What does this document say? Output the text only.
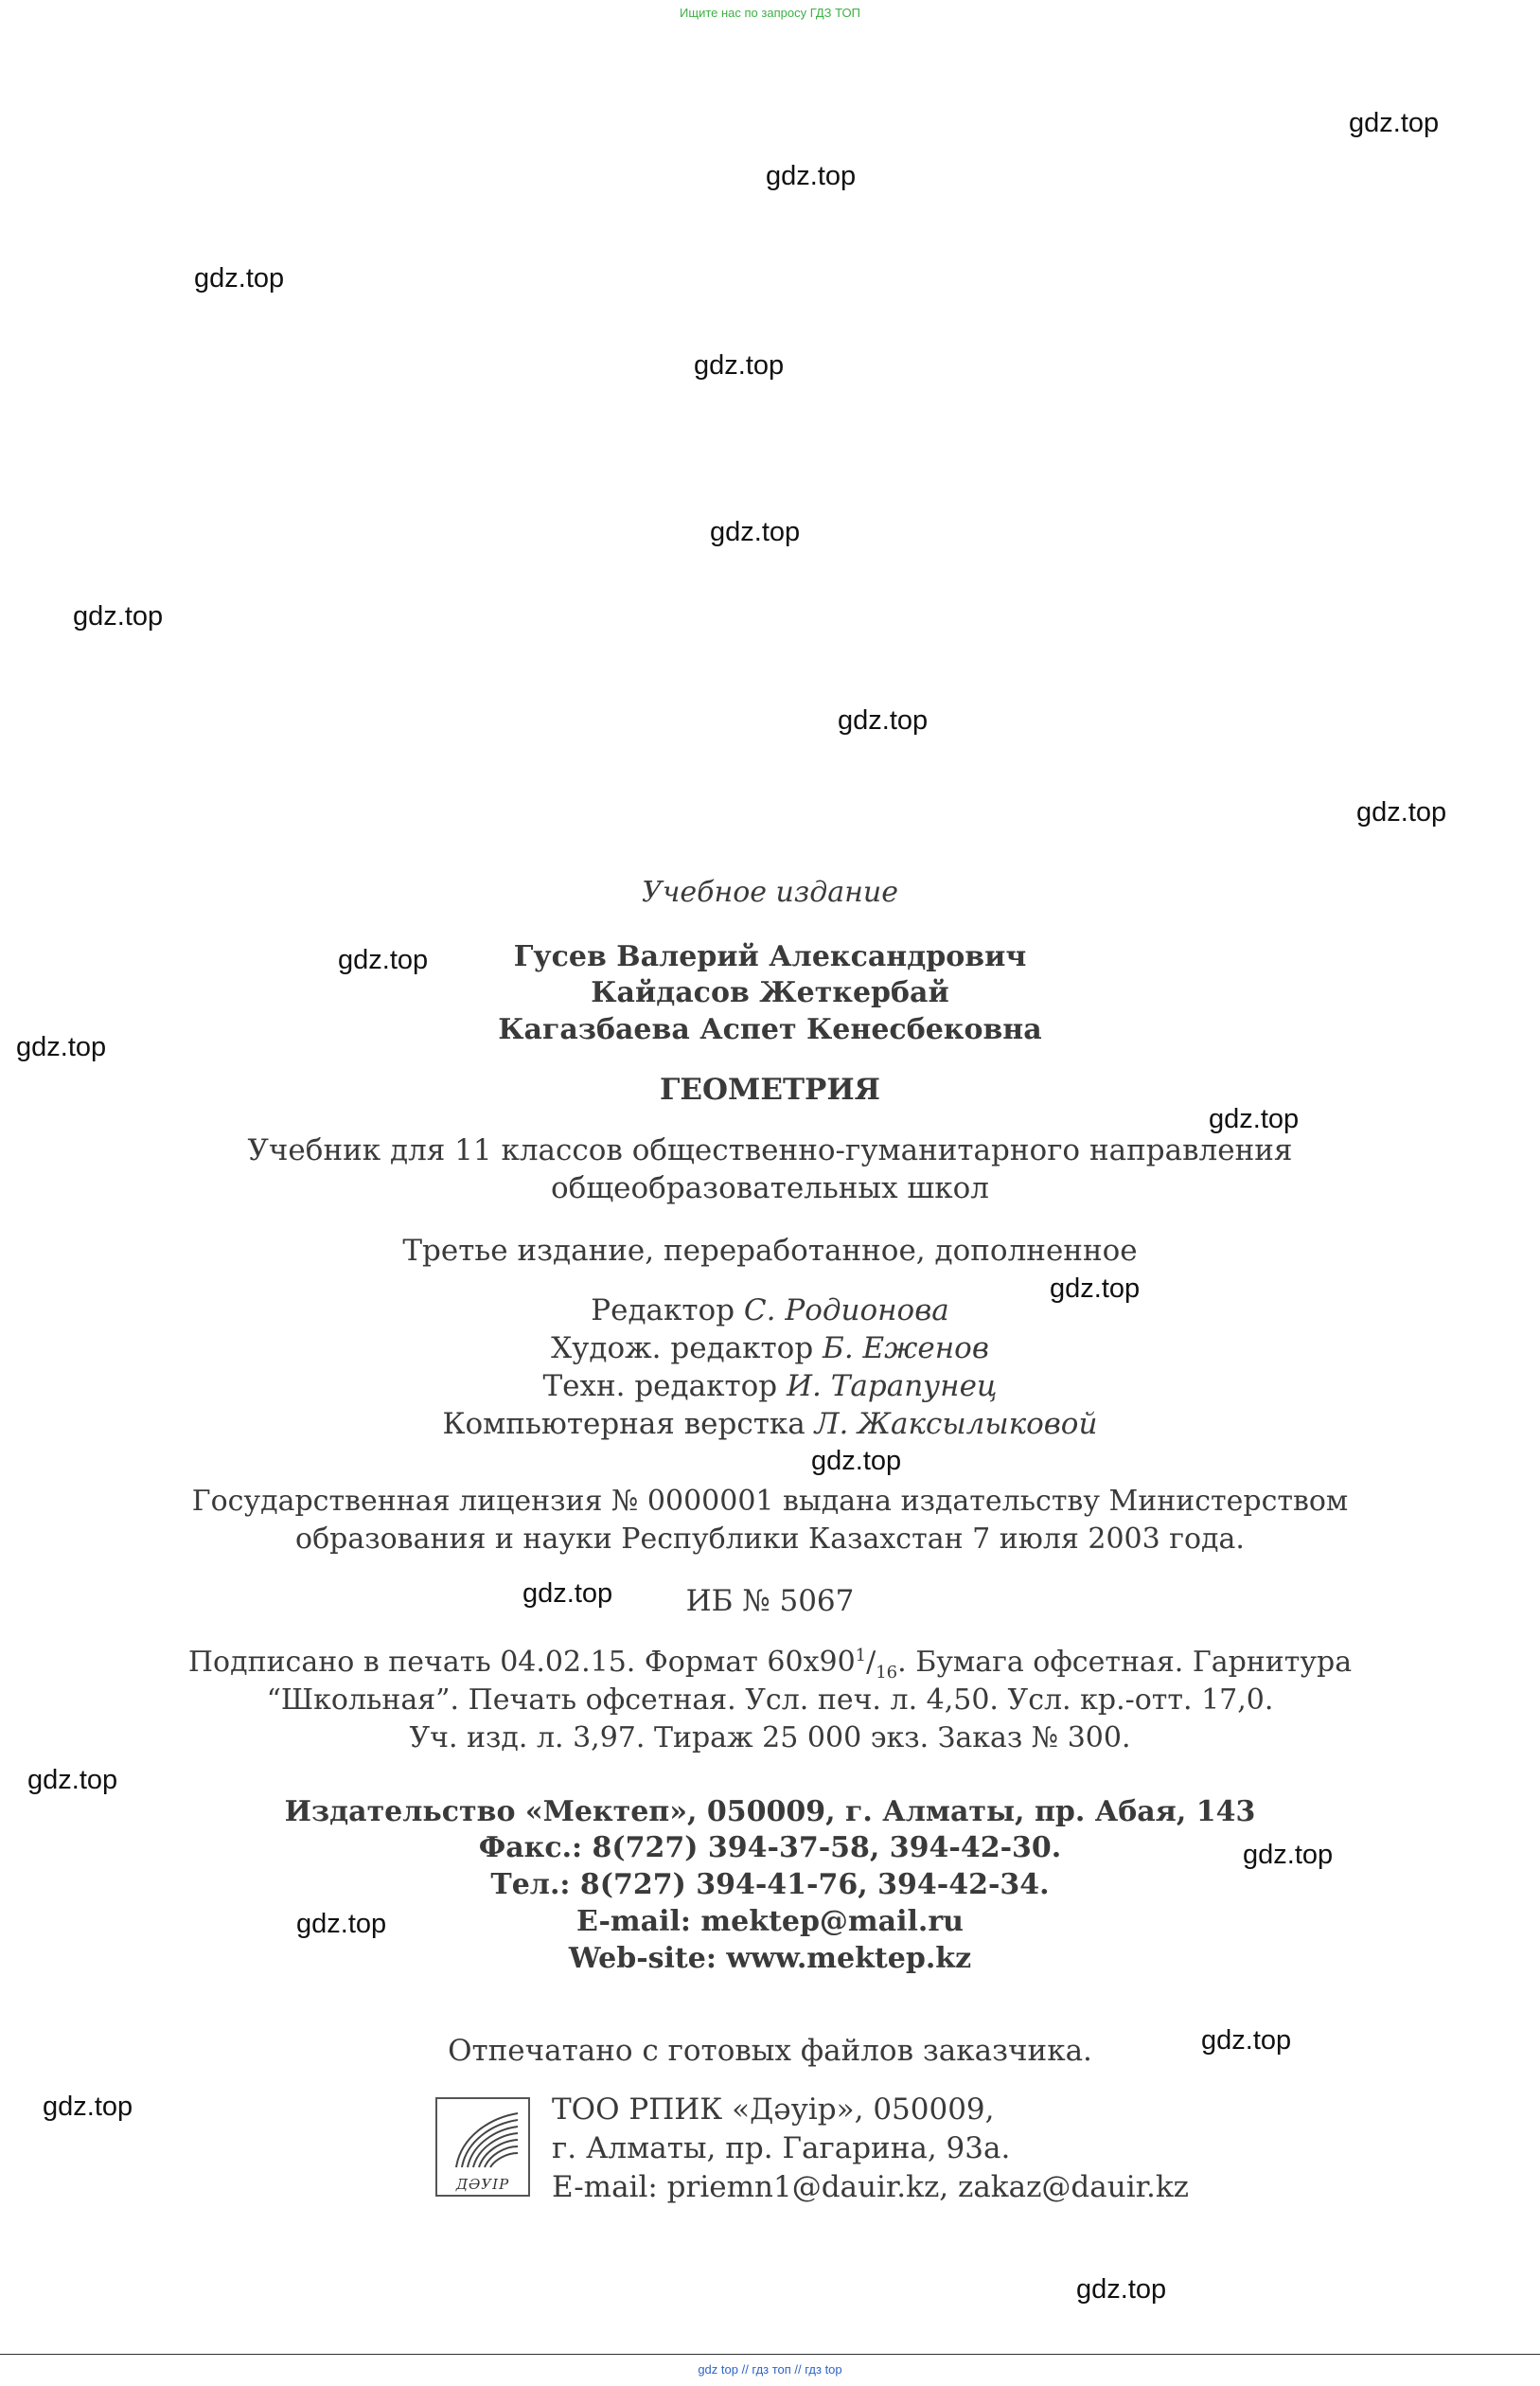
Ищите нас по запросу ГДЗ ТОП
gdz.top
gdz.top
gdz.top
gdz.top
gdz.top
gdz.top
gdz.top
gdz.top
gdz.top
gdz.top
gdz.top
gdz.top
gdz.top
gdz.top
gdz.top
gdz.top
gdz.top
gdz.top
gdz.top
gdz.top
Учебное издание
Гусев Валерий Александрович
Кайдасов Жеткербай
Кагазбаева Аспет Кенесбековна
ГЕОМЕТРИЯ
Учебник для 11 классов общественно-гуманитарного направления
общеобразовательных школ
Третье издание, переработанное, дополненное
Редактор С. Родионова
Худож. редактор Б. Еженов
Техн. редактор И. Тарапунец
Компьютерная верстка Л. Жаксылыковой
Государственная лицензия № 0000001 выдана издательству Министерством
образования и науки Республики Казахстан 7 июля 2003 года.
ИБ № 5067
Подписано в печать 04.02.15. Формат $60x90^1/_{16}$. Бумага офсетная. Гарнитура
“Школьная”. Печать офсетная. Усл. печ. л. 4,50. Усл. кр.-отт. 17,0.
Уч. изд. л. 3,97. Тираж 25 000 экз. Заказ № 300.
Издательство «Мектеп», 050009, г. Алматы, пр. Абая, 143
Факс.: 8(727) 394-37-58, 394-42-30.
Тел.: 8(727) 394-41-76, 394-42-34.
E-mail: mektep@mail.ru
Web-site: www.mektep.kz
Отпечатано с готовых файлов заказчика.
ДӘУІР
ТОО РПИК «Дәуір», 050009,
г. Алматы, пр. Гагарина, 93а.
E-mail: priemn1@dauir.kz, zakaz@dauir.kz
gdz top // гдз топ // гдз top
